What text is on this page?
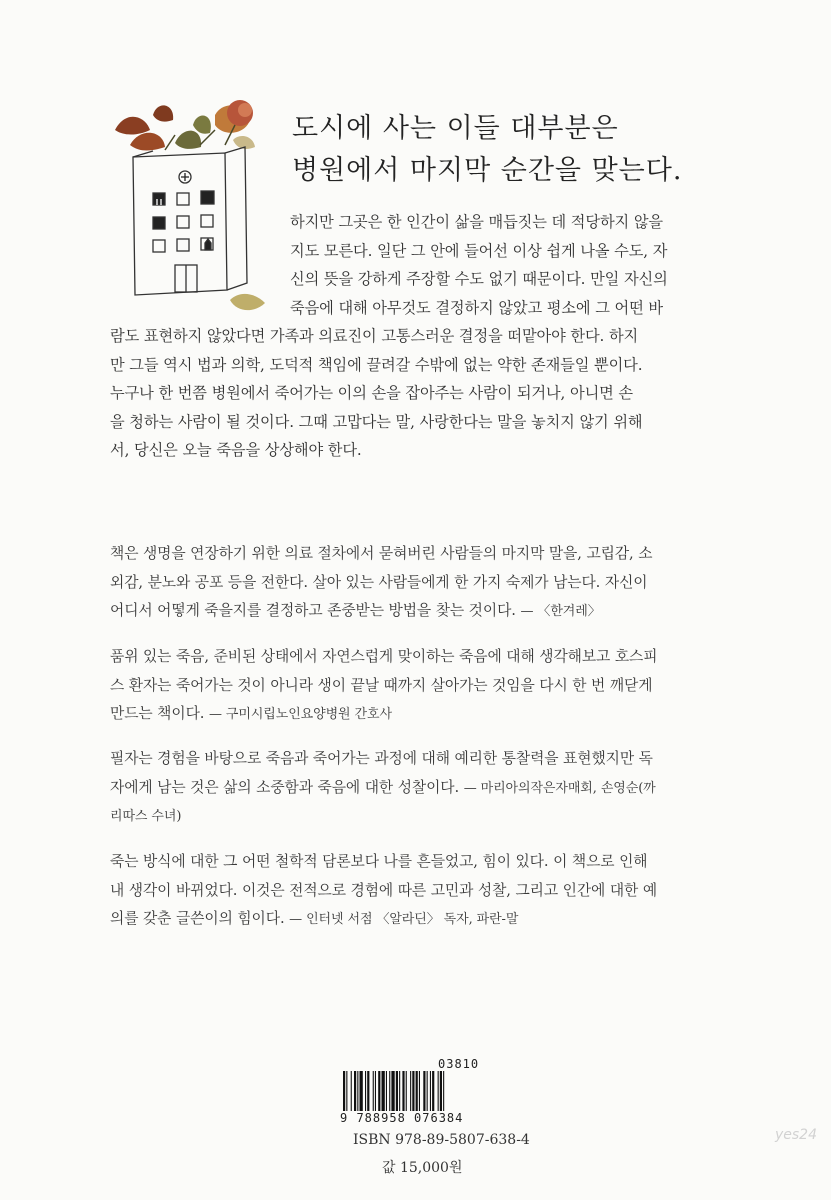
도시에 사는 이들 대부분은
병원에서 마지막 순간을 맞는다.
하지만 그곳은 한 인간이 삶을 매듭짓는 데 적당하지 않을
지도 모른다. 일단 그 안에 들어선 이상 쉽게 나올 수도, 자
신의 뜻을 강하게 주장할 수도 없기 때문이다. 만일 자신의
죽음에 대해 아무것도 결정하지 않았고 평소에 그 어떤 바
람도 표현하지 않았다면 가족과 의료진이 고통스러운 결정을 떠맡아야 한다. 하지
만 그들 역시 법과 의학, 도덕적 책임에 끌려갈 수밖에 없는 약한 존재들일 뿐이다.
누구나 한 번쯤 병원에서 죽어가는 이의 손을 잡아주는 사람이 되거나, 아니면 손
을 청하는 사람이 될 것이다. 그때 고맙다는 말, 사랑한다는 말을 놓치지 않기 위해
서, 당신은 오늘 죽음을 상상해야 한다.
책은 생명을 연장하기 위한 의료 절차에서 묻혀버린 사람들의 마지막 말을, 고립감, 소
외감, 분노와 공포 등을 전한다. 살아 있는 사람들에게 한 가지 숙제가 남는다. 자신이
어디서 어떻게 죽을지를 결정하고 존중받는 방법을 찾는 것이다. — 〈한겨레〉
품위 있는 죽음, 준비된 상태에서 자연스럽게 맞이하는 죽음에 대해 생각해보고 호스피
스 환자는 죽어가는 것이 아니라 생이 끝날 때까지 살아가는 것임을 다시 한 번 깨닫게
만드는 책이다. — 구미시립노인요양병원 간호사
필자는 경험을 바탕으로 죽음과 죽어가는 과정에 대해 예리한 통찰력을 표현했지만 독
자에게 남는 것은 삶의 소중함과 죽음에 대한 성찰이다. — 마리아의작은자매회, 손영순(까
리따스 수녀)
죽는 방식에 대한 그 어떤 철학적 담론보다 나를 흔들었고, 힘이 있다. 이 책으로 인해
내 생각이 바뀌었다. 이것은 전적으로 경험에 따른 고민과 성찰, 그리고 인간에 대한 예
의를 갖춘 글쓴이의 힘이다. — 인터넷 서점 〈알라딘〉 독자, 파란-말
03810
9 788958 076384
ISBN 978-89-5807-638-4
값 15,000원
yes24
